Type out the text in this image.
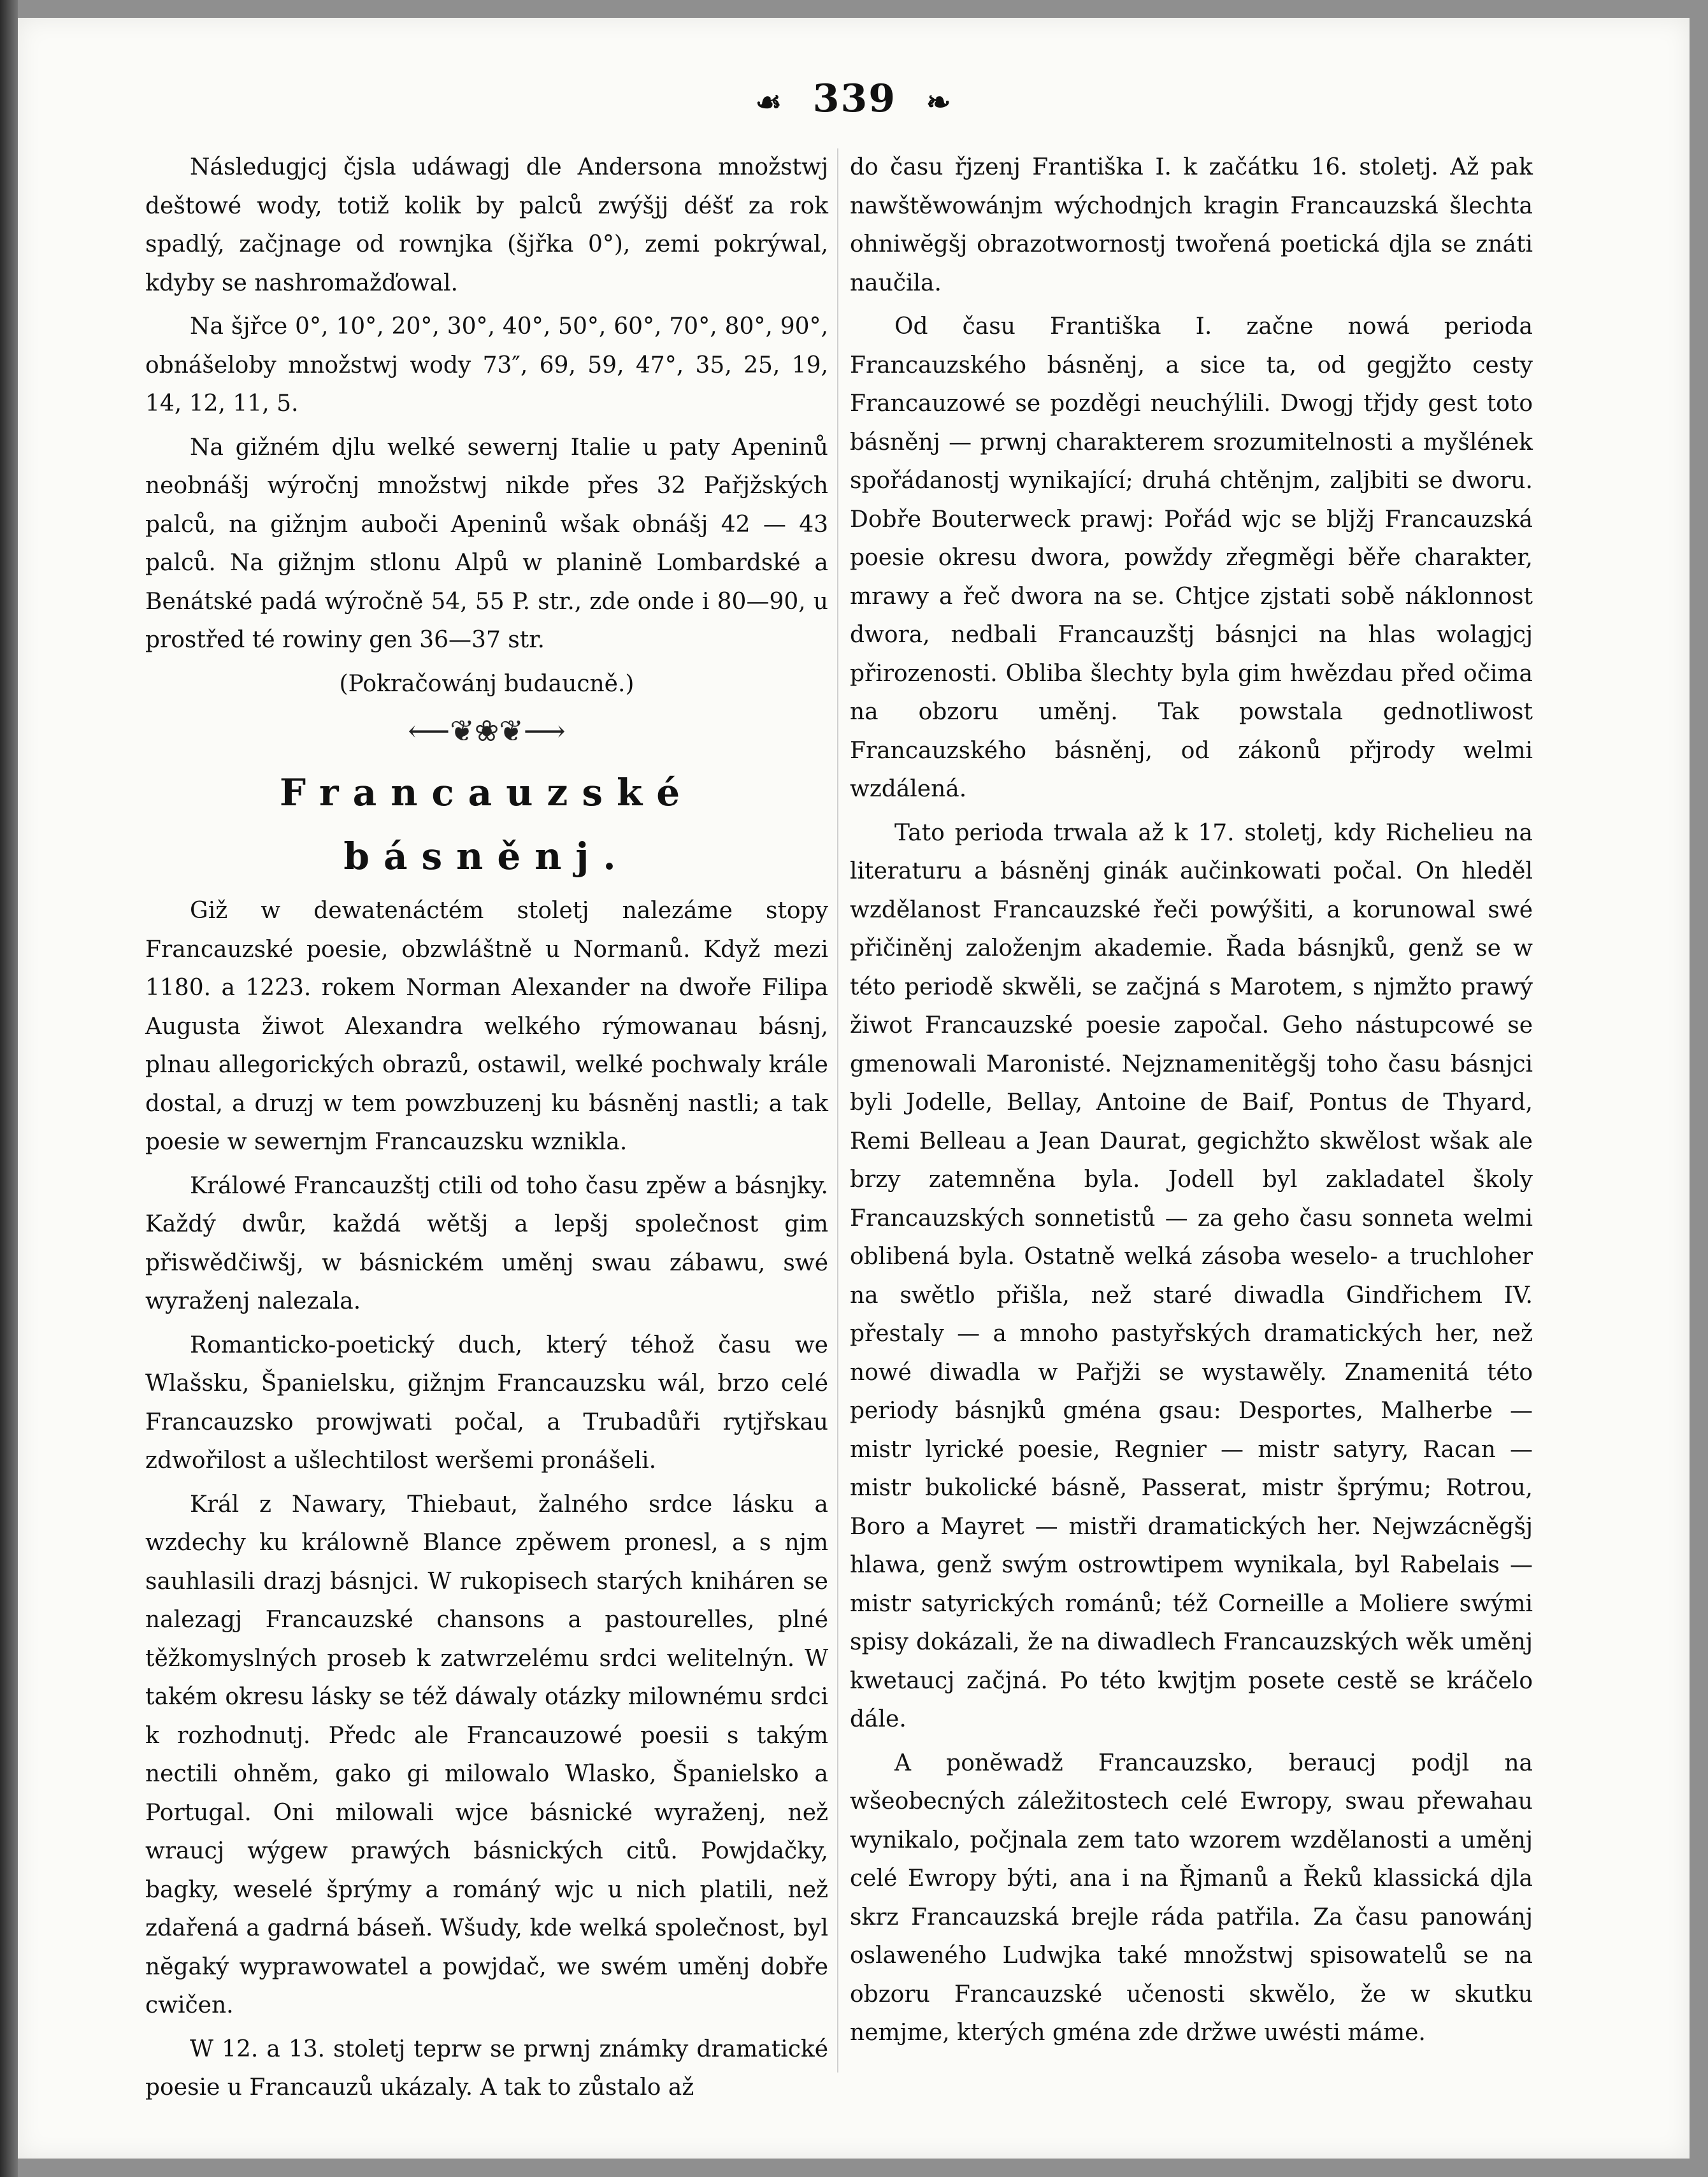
☙ 339 ❧

Následugjcj čjsla udáwagj dle Andersona množstwj deštowé wody, totiž kolik by palců zwýšjj déšť za rok spadlý, začjnage od rownjka (šjřka 0°), zemi pokrýwal, kdyby se nashromažďowal.

Na šjřce 0°, 10°, 20°, 30°, 40°, 50°, 60°, 70°, 80°, 90°, obnášeloby množstwj wody 73″, 69, 59, 47°, 35, 25, 19, 14, 12, 11, 5.

Na gižném djlu welké sewernj Italie u paty Apeninů neobnášj wýročnj množstwj nikde přes 32 Pařjžských palců, na gižnjm auboči Apeninů wšak obnášj 42 — 43 palců. Na gižnjm stlonu Alpů w planině Lombardské a Benátské padá wýročně 54, 55 P. str., zde onde i 80—90, u prostřed té rowiny gen 36—37 str.

(Pokračowánj budaucně.)

⟵❦❀❦⟶
Francauzské básněnj.

Giž w dewatenáctém stoletj nalezáme stopy Francauzské poesie, obzwláštně u Normanů. Když mezi 1180. a 1223. rokem Norman Alexander na dwoře Filipa Augusta žiwot Alexandra welkého rýmowanau básnj, plnau allegorických obrazů, ostawil, welké pochwaly krále dostal, a druzj w tem powzbuzenj ku básněnj nastli; a tak poesie w sewernjm Francauzsku wznikla.

Králowé Francauzštj ctili od toho času zpěw a básnjky. Každý dwůr, každá wětšj a lepšj společnost gim přiswědčiwšj, w básnickém uměnj swau zábawu, swé wyraženj nalezala.

Romanticko-poetický duch, který téhož času we Wlašsku, Španielsku, gižnjm Francauzsku wál, brzo celé Francauzsko prowjwati počal, a Trubadůři rytjřskau zdwořilost a ušlechtilost weršemi pronášeli.

Král z Nawary, Thiebaut, žalného srdce lásku a wzdechy ku králowně Blance zpěwem pronesl, a s njm sauhlasili drazj básnjci. W rukopisech starých kniháren se nalezagj Francauzské chansons a pastourelles, plné těžkomyslných proseb k zatwrzelému srdci welitelnýn. W takém okresu lásky se též dáwaly otázky milownému srdci k rozhodnutj. Předc ale Francauzowé poesii s takým nectili ohněm, gako gi milowalo Wlasko, Španielsko a Portugal. Oni milowali wjce básnické wyraženj, než wraucj wýgew prawých básnických citů. Powjdačky, bagky, weselé šprýmy a románý wjc u nich platili, než zdařená a gadrná báseň. Wšudy, kde welká společnost, byl nĕgaký wyprawowatel a powjdač, we swém uměnj dobře cwičen.

W 12. a 13. stoletj teprw se prwnj známky dramatické poesie u Francauzů ukázaly. A tak to zůstalo až

do času řjzenj Františka I. k začátku 16. stoletj. Až pak nawštěwowánjm wýchodnjch kragin Francauzská šlechta ohniwĕgšj obrazotwornostj twořená poetická djla se znáti naučila.

Od času Františka I. začne nowá perioda Francauzského básněnj, a sice ta, od gegjžto cesty Francauzowé se pozděgi neuchýlili. Dwogj třjdy gest toto básněnj — prwnj charakterem srozumitelnosti a myšlének spořádanostj wynikající; druhá chtěnjm, zaljbiti se dworu. Dobře Bouterweck prawj: Pořád wjc se bljžj Francauzská poesie okresu dwora, powždy zřegměgi běře charakter, mrawy a řeč dwora na se. Chtjce zjstati sobě náklonnost dwora, nedbali Francauzštj básnjci na hlas wolagjcj přirozenosti. Obliba šlechty byla gim hwězdau před očima na obzoru uměnj. Tak powstala gednotliwost Francauzského básněnj, od zákonů přjrody welmi wzdálená.

Tato perioda trwala až k 17. stoletj, kdy Richelieu na literaturu a básněnj ginák aučinkowati počal. On hleděl wzdělanost Francauzské řeči powýšiti, a korunowal swé přičiněnj založenjm akademie. Řada básnjků, genž se w této periodě skwěli, se začjná s Marotem, s njmžto prawý žiwot Francauzské poesie započal. Geho nástupcowé se gmenowali Maronisté. Nejznamenitěgšj toho času básnjci byli Jodelle, Bellay, Antoine de Baif, Pontus de Thyard, Remi Belleau a Jean Daurat, gegichžto skwělost wšak ale brzy zatemněna byla. Jodell byl zakladatel školy Francauzských sonnetistů — za geho času sonneta welmi oblibená byla. Ostatně welká zásoba weselo- a truchloher na swětlo přišla, než staré diwadla Gindřichem IV. přestaly — a mnoho pastyřských dramatických her, než nowé diwadla w Pařjži se wystawěly. Znamenitá této periody básnjků gména gsau: Desportes, Malherbe — mistr lyrické poesie, Regnier — mistr satyry, Racan — mistr bukolické básně, Passerat, mistr šprýmu; Rotrou, Boro a Mayret — mistři dramatických her. Nejwzácněgšj hlawa, genž swým ostrowtipem wynikala, byl Rabelais — mistr satyrických románů; též Corneille a Moliere swými spisy dokázali, že na diwadlech Francauzských wěk uměnj kwetaucj začjná. Po této kwjtjm posete cestě se kráčelo dále.

A ponĕwadž Francauzsko, beraucj podjl na wšeobecných záležitostech celé Ewropy, swau přewahau wynikalo, počjnala zem tato wzorem wzdělanosti a uměnj celé Ewropy býti, ana i na Řjmanů a Řeků klassická djla skrz Francauzská brejle ráda patřila. Za času panowánj oslaweného Ludwjka také množstwj spisowatelů se na obzoru Francauzské učenosti skwělo, že w skutku nemjme, kterých gména zde držwe uwésti máme.
